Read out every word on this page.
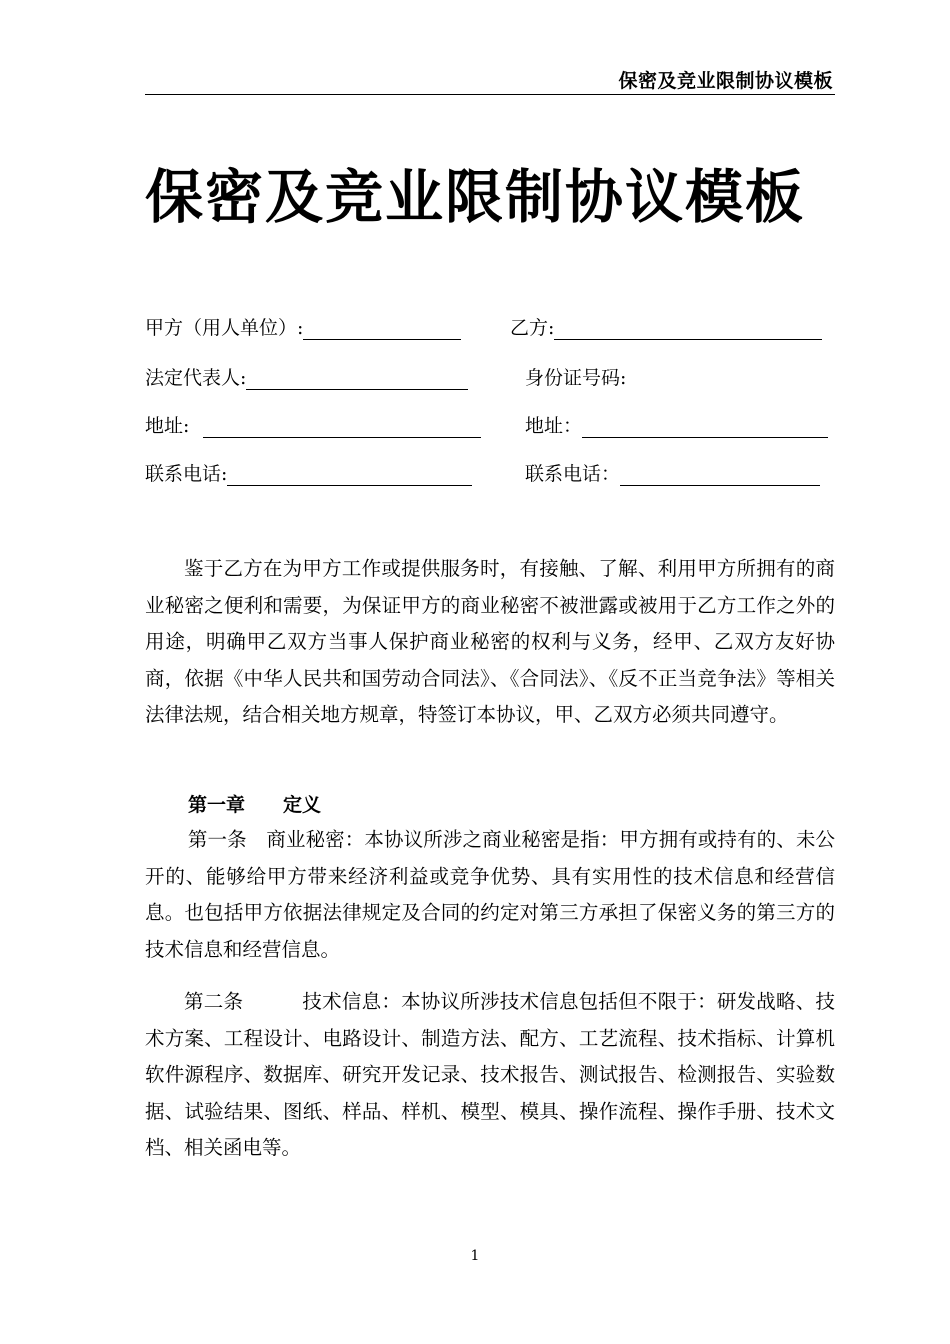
保密及竞业限制协议模板
保密及竞业限制协议模板
甲方（用人单位）:	乙方:
法定代表人:	身份证号码:
地址:	地址：
联系电话:	联系电话：

鉴于乙方在为甲方工作或提供服务时，有接触、了解、利用甲方所拥有的商业秘密之便利和需要，为保证甲方的商业秘密不被泄露或被用于乙方工作之外的用途，明确甲乙双方当事人保护商业秘密的权利与义务，经甲、乙双方友好协商，依据《中华人民共和国劳动合同法》、《合同法》、《反不正当竞争法》等相关法律法规，结合相关地方规章，特签订本协议，甲、乙双方必须共同遵守。

第一章　　定义

第一条　商业秘密：本协议所涉之商业秘密是指：甲方拥有或持有的、未公开的、能够给甲方带来经济利益或竞争优势、具有实用性的技术信息和经营信息。也包括甲方依据法律规定及合同的约定对第三方承担了保密义务的第三方的技术信息和经营信息。

第二条　　　技术信息：本协议所涉技术信息包括但不限于：研发战略、技术方案、工程设计、电路设计、制造方法、配方、工艺流程、技术指标、计算机软件源程序、数据库、研究开发记录、技术报告、测试报告、检测报告、实验数据、试验结果、图纸、样品、样机、模型、模具、操作流程、操作手册、技术文档、相关函电等。

1
